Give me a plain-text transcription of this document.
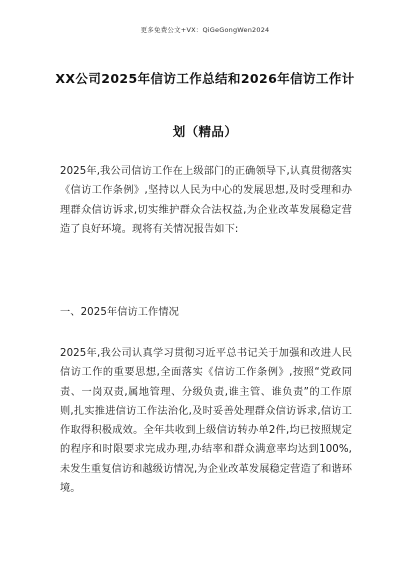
更多免费公文+VX：QiGeGongWen2024
XX公司2025年信访工作总结和2026年信访工作计
划（精品）
2025年,我公司信访工作在上级部门的正确领导下,认真贯彻落实《信访工作条例》,坚持以人民为中心的发展思想,及时受理和办理群众信访诉求,切实维护群众合法权益,为企业改革发展稳定营造了良好环境。现将有关情况报告如下:
一、2025年信访工作情况
2025年,我公司认真学习贯彻习近平总书记关于加强和改进人民信访工作的重要思想,全面落实《信访工作条例》,按照“党政同责、一岗双责,属地管理、分级负责,谁主管、谁负责”的工作原则,扎实推进信访工作法治化,及时妥善处理群众信访诉求,信访工作取得积极成效。全年共收到上级信访转办单2件,均已按照规定的程序和时限要求完成办理,办结率和群众满意率均达到100%,未发生重复信访和越级访情况,为企业改革发展稳定营造了和谐环境。
